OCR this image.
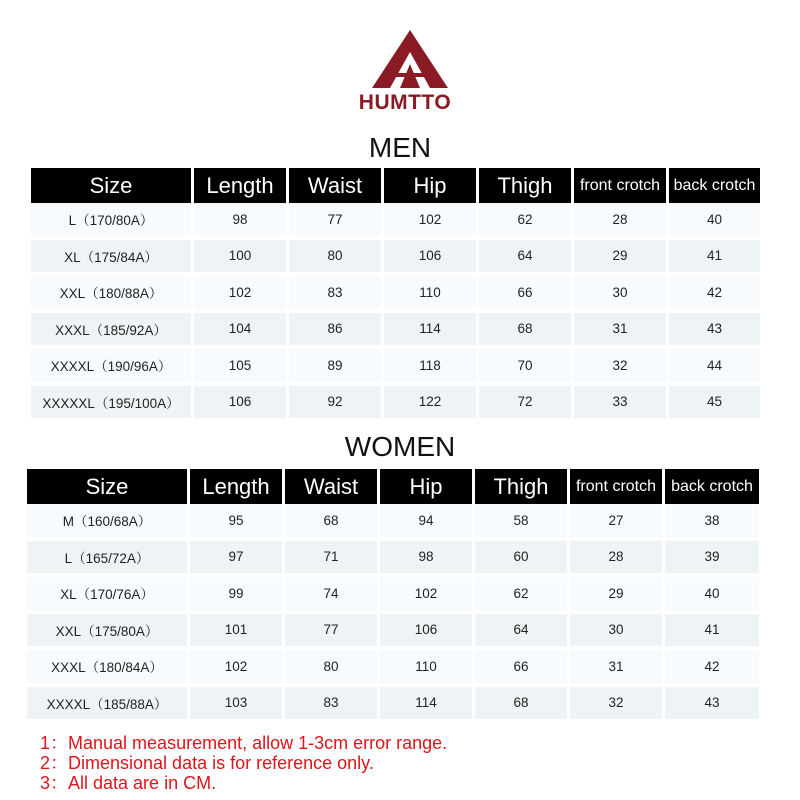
HUMTTO
MEN
Size	Length	Waist	Hip	Thigh	front crotch	back crotch
L（170/80A）	98	77	102	62	28	40
XL（175/84A）	100	80	106	64	29	41
XXL（180/88A）	102	83	110	66	30	42
XXXL（185/92A）	104	86	114	68	31	43
XXXXL（190/96A）	105	89	118	70	32	44
XXXXXL（195/100A）	106	92	122	72	33	45
WOMEN
Size	Length	Waist	Hip	Thigh	front crotch	back crotch
M（160/68A）	95	68	94	58	27	38
L（165/72A）	97	71	98	60	28	39
XL（170/76A）	99	74	102	62	29	40
XXL（175/80A）	101	77	106	64	30	41
XXXL（180/84A）	102	80	110	66	31	42
XXXXL（185/88A）	103	83	114	68	32	43
1：Manual measurement, allow 1-3cm error range.
2：Dimensional data is for reference only.
3：All data are in CM.
